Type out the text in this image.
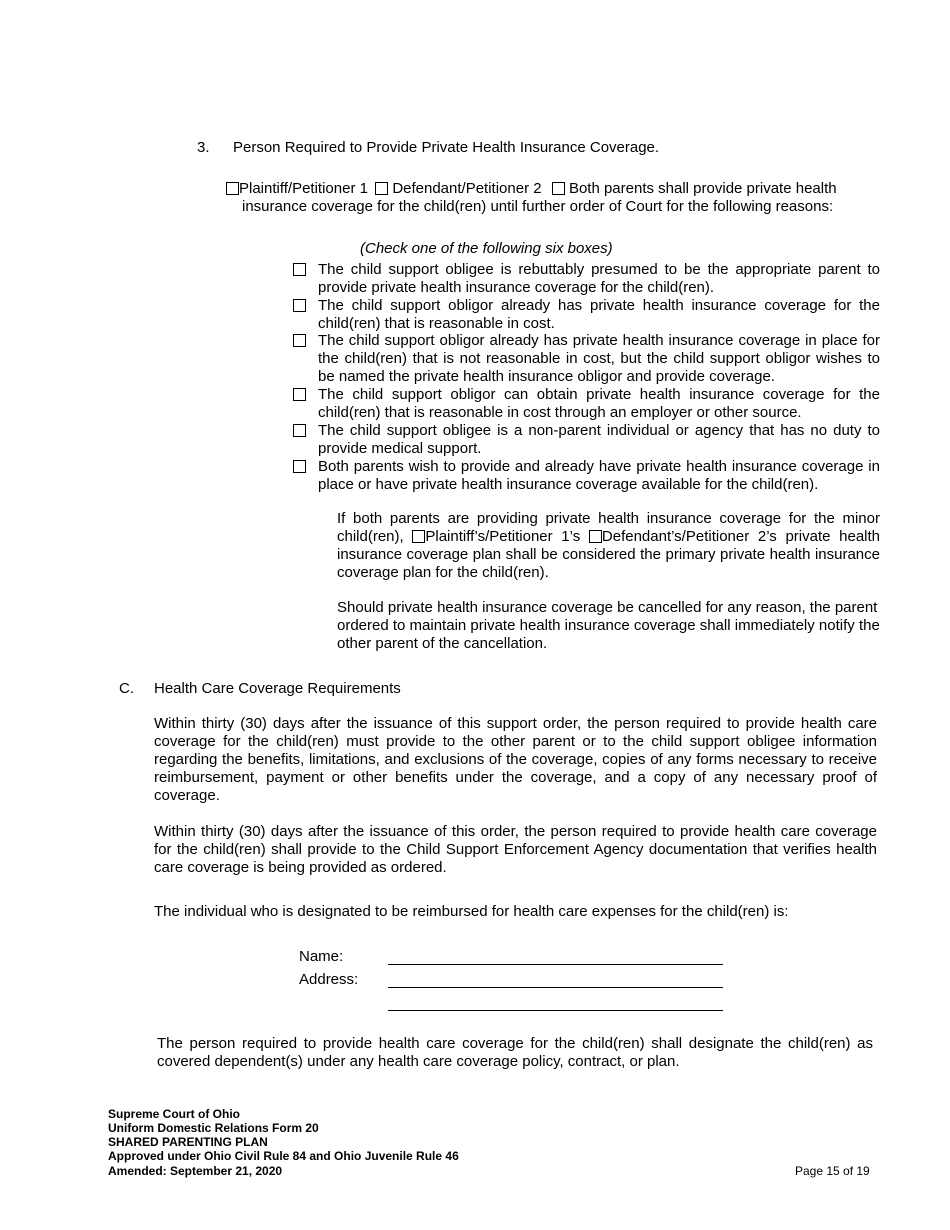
3. Person Required to Provide Private Health Insurance Coverage.
Plaintiff/Petitioner 1 Defendant/Petitioner 2 Both parents shall provide private health
insurance coverage for the child(ren) until further order of Court for the following reasons:
(Check one of the following six boxes)
The child support obligee is rebuttably presumed to be the appropriate parent to provide private health insurance coverage for the child(ren).
The child support obligor already has private health insurance coverage for the child(ren) that is reasonable in cost.
The child support obligor already has private health insurance coverage in place for the child(ren) that is not reasonable in cost, but the child support obligor wishes to be named the private health insurance obligor and provide coverage.
The child support obligor can obtain private health insurance coverage for the child(ren) that is reasonable in cost through an employer or other source.
The child support obligee is a non-parent individual or agency that has no duty to provide medical support.
Both parents wish to provide and already have private health insurance coverage in place or have private health insurance coverage available for the child(ren).
If both parents are providing private health insurance coverage for the minor child(ren), Plaintiff’s/Petitioner 1’s Defendant’s/Petitioner 2’s private health insurance coverage plan shall be considered the primary private health insurance coverage plan for the child(ren).
Should private health insurance coverage be cancelled for any reason, the parent ordered to maintain private health insurance coverage shall immediately notify the other parent of the cancellation.
C. Health Care Coverage Requirements
Within thirty (30) days after the issuance of this support order, the person required to provide health care coverage for the child(ren) must provide to the other parent or to the child support obligee information regarding the benefits, limitations, and exclusions of the coverage, copies of any forms necessary to receive reimbursement, payment or other benefits under the coverage, and a copy of any necessary proof of coverage.
Within thirty (30) days after the issuance of this order, the person required to provide health care coverage for the child(ren) shall provide to the Child Support Enforcement Agency documentation that verifies health care coverage is being provided as ordered.
The individual who is designated to be reimbursed for health care expenses for the child(ren) is:
Name:
Address:
The person required to provide health care coverage for the child(ren) shall designate the child(ren) as covered dependent(s) under any health care coverage policy, contract, or plan.
Supreme Court of Ohio
Uniform Domestic Relations Form 20
SHARED PARENTING PLAN
Approved under Ohio Civil Rule 84 and Ohio Juvenile Rule 46
Amended: September 21, 2020	Page 15 of 19
